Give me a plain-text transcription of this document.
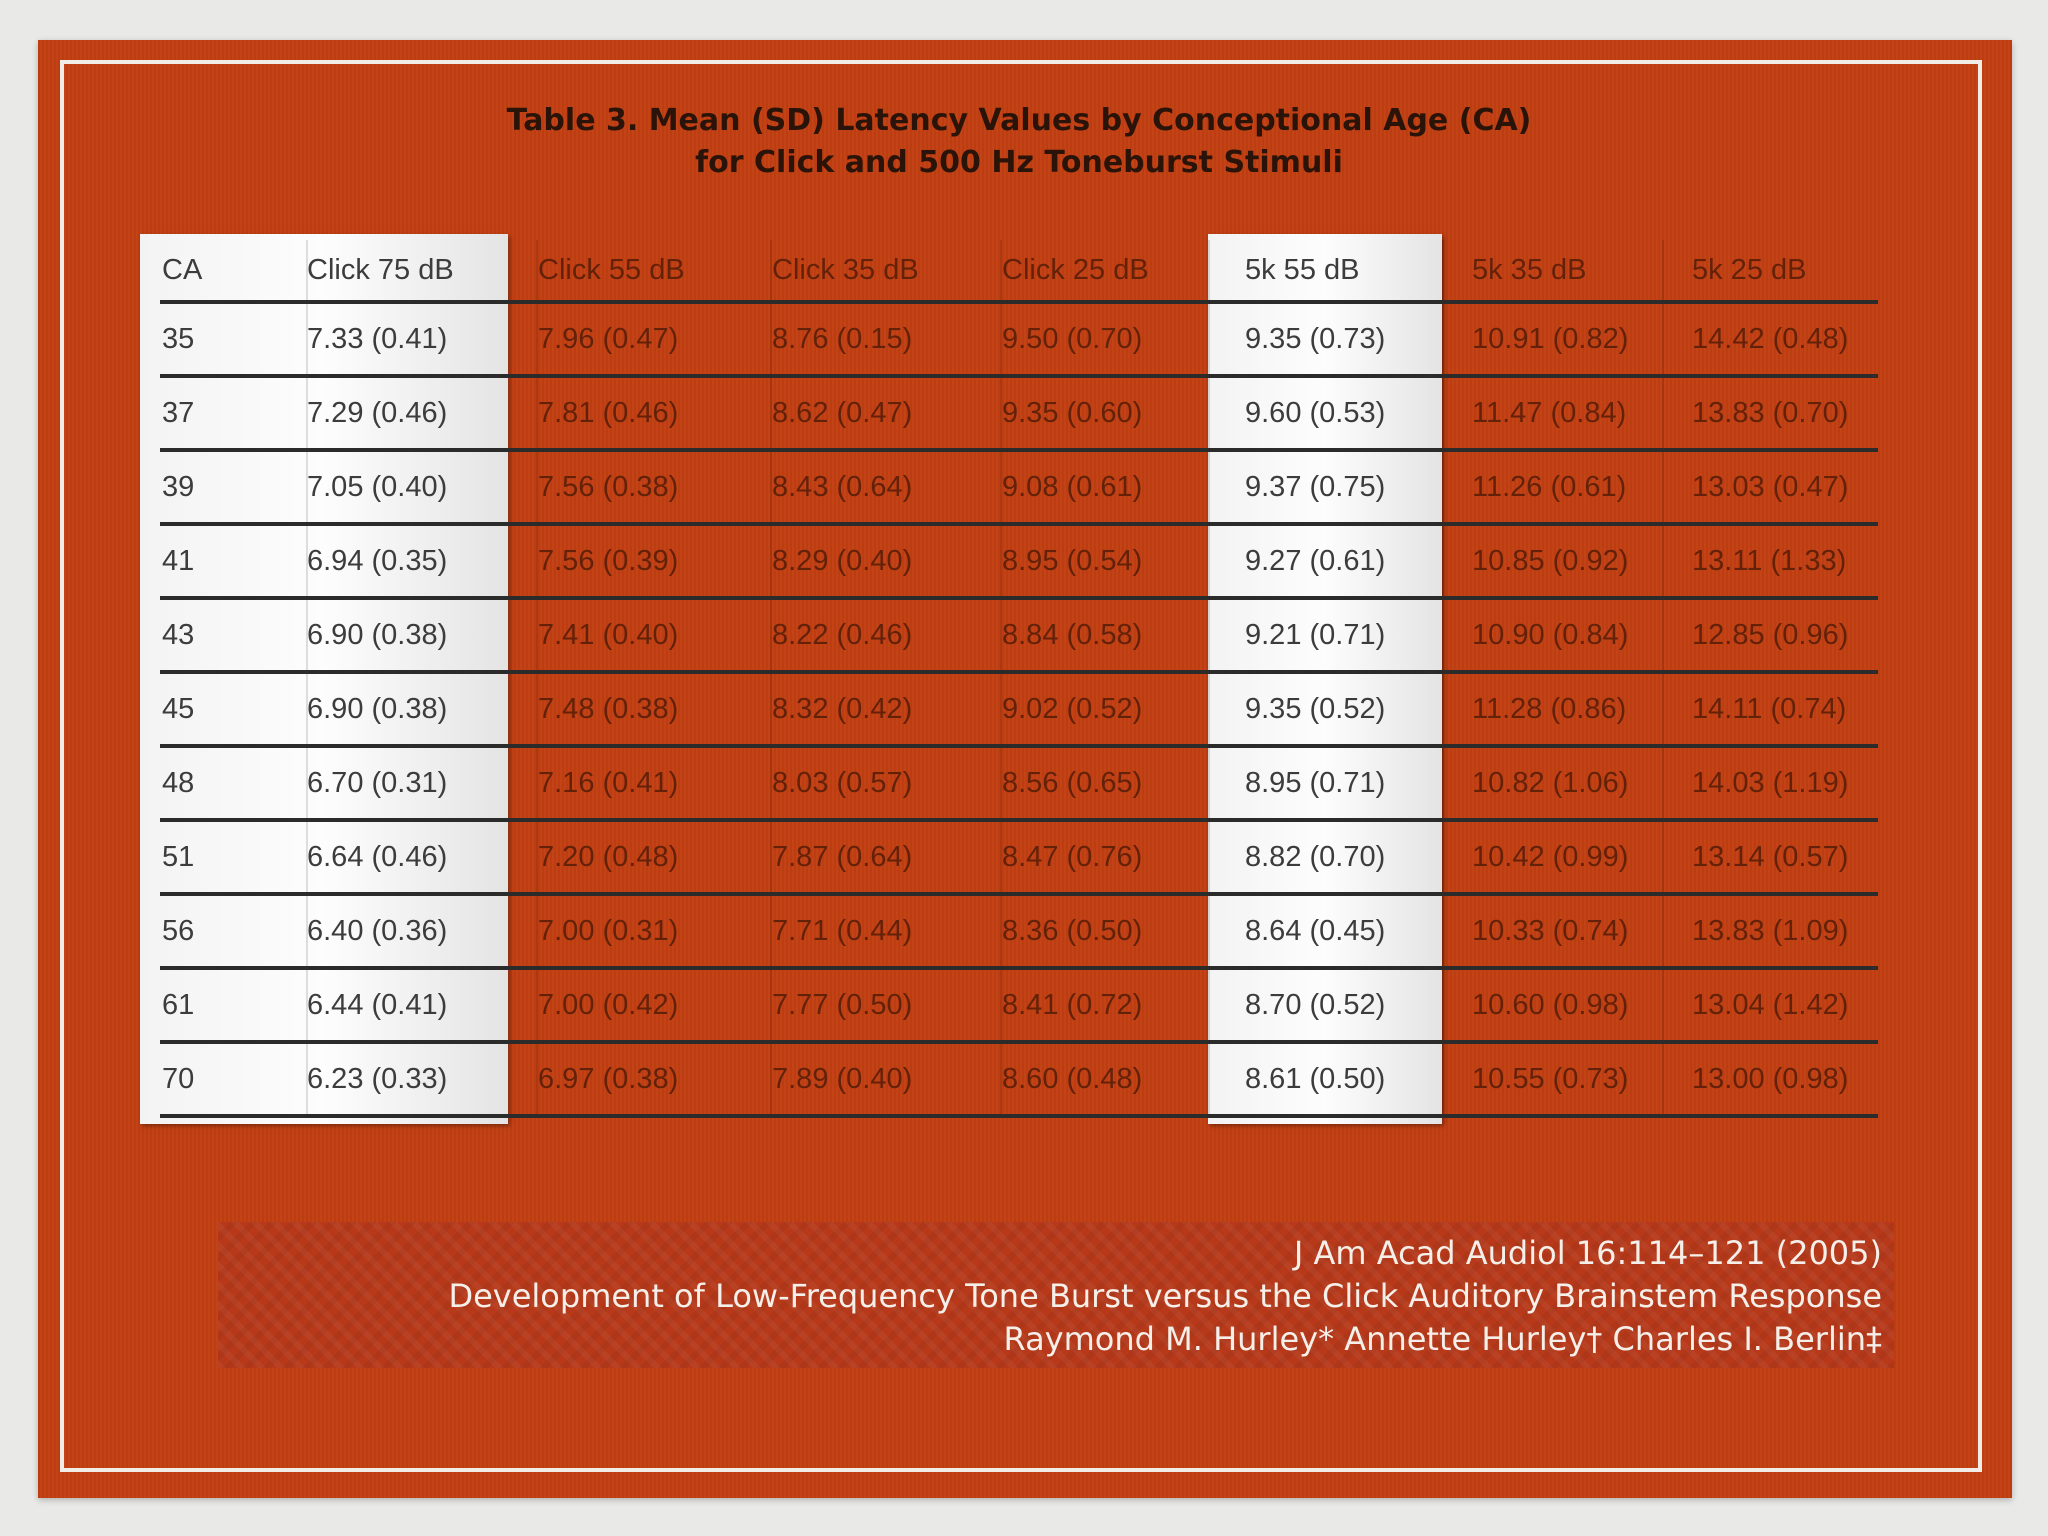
Table 3. Mean (SD) Latency Values by Conceptional Age (CA)
for Click and 500 Hz Toneburst Stimuli
CA	Click 75 dB	Click 55 dB	Click 35 dB	Click 25 dB	5k 55 dB	5k 35 dB	5k 25 dB
35	7.33 (0.41)	7.96 (0.47)	8.76 (0.15)	9.50 (0.70)	9.35 (0.73)	10.91 (0.82) 14.42 (0.48)
37	7.29 (0.46)	7.81 (0.46)	8.62 (0.47)	9.35 (0.60)	9.60 (0.53)	11.47 (0.84) 13.83 (0.70)
39	7.05 (0.40)	7.56 (0.38)	8.43 (0.64)	9.08 (0.61)	9.37 (0.75)	11.26 (0.61) 13.03 (0.47)
41	6.94 (0.35)	7.56 (0.39)	8.29 (0.40)	8.95 (0.54)	9.27 (0.61)	10.85 (0.92) 13.11 (1.33)
43	6.90 (0.38)	7.41 (0.40)	8.22 (0.46)	8.84 (0.58)	9.21 (0.71)	10.90 (0.84) 12.85 (0.96)
45	6.90 (0.38)	7.48 (0.38)	8.32 (0.42)	9.02 (0.52)	9.35 (0.52)	11.28 (0.86) 14.11 (0.74)
48	6.70 (0.31)	7.16 (0.41)	8.03 (0.57)	8.56 (0.65)	8.95 (0.71)	10.82 (1.06) 14.03 (1.19)
51	6.64 (0.46)	7.20 (0.48)	7.87 (0.64)	8.47 (0.76)	8.82 (0.70)	10.42 (0.99) 13.14 (0.57)
56	6.40 (0.36)	7.00 (0.31)	7.71 (0.44)	8.36 (0.50)	8.64 (0.45)	10.33 (0.74) 13.83 (1.09)
61	6.44 (0.41)	7.00 (0.42)	7.77 (0.50)	8.41 (0.72)	8.70 (0.52)	10.60 (0.98) 13.04 (1.42)
70	6.23 (0.33)	6.97 (0.38)	7.89 (0.40)	8.60 (0.48)	8.61 (0.50)	10.55 (0.73) 13.00 (0.98)
J Am Acad Audiol 16:114–121 (2005)
Development of Low-Frequency Tone Burst versus the Click Auditory Brainstem Response
Raymond M. Hurley* Annette Hurley† Charles I. Berlin‡
